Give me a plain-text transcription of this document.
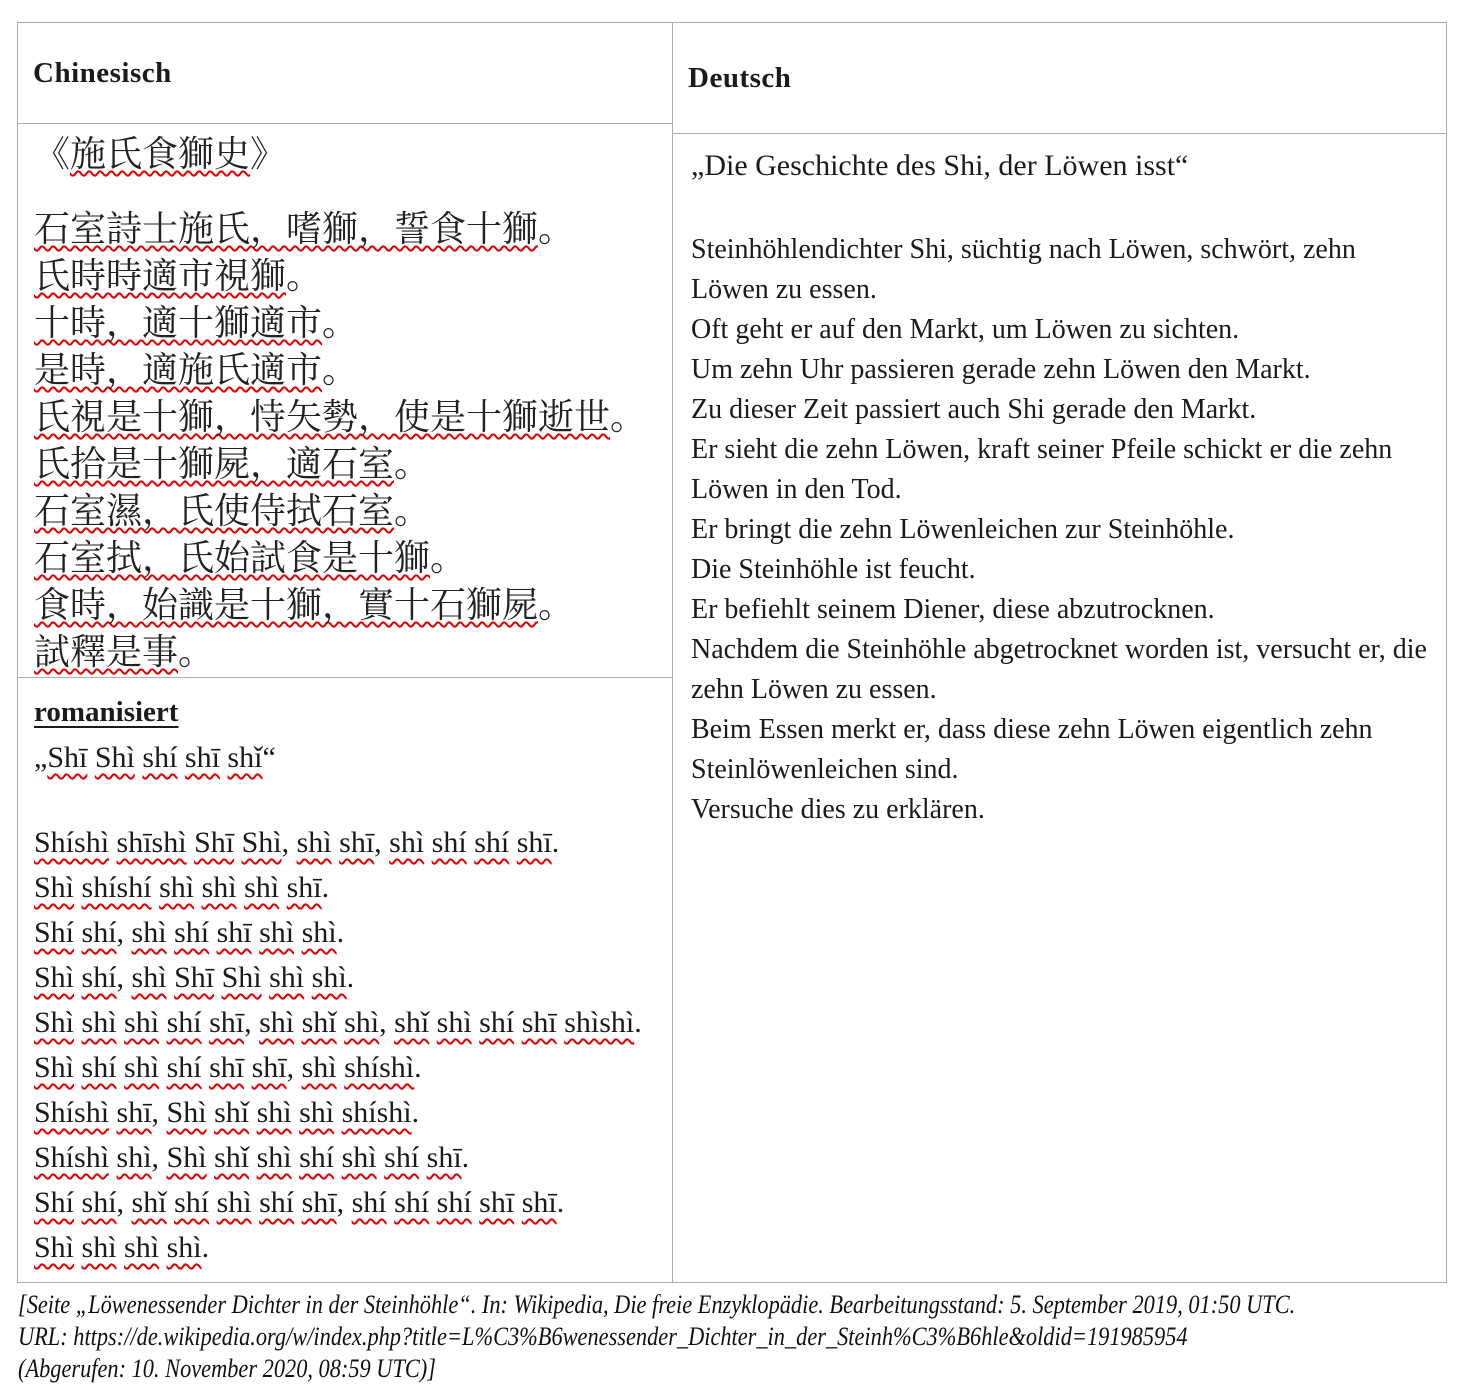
Chinesisch
《施氏食獅史》
石室詩士施氏，嗜獅，誓食十獅。
氏時時適市視獅。
十時，適十獅適市。
是時，適施氏適市。
氏視是十獅，恃矢勢，使是十獅逝世。
氏拾是十獅屍，適石室。
石室濕，氏使侍拭石室。
石室拭，氏始試食是十獅。
食時，始識是十獅，實十石獅屍。
試釋是事。
romanisiert
„Shī Shì shí shī shǐ“
Shíshì shīshì Shī Shì, shì shī, shì shí shí shī.
Shì shíshí shì shì shì shī.
Shí shí, shì shí shī shì shì.
Shì shí, shì Shī Shì shì shì.
Shì shì shì shí shī, shì shǐ shì, shǐ shì shí shī shìshì.
Shì shí shì shí shī shī, shì shíshì.
Shíshì shī, Shì shǐ shì shì shíshì.
Shíshì shì, Shì shǐ shì shí shì shí shī.
Shí shí, shǐ shí shì shí shī, shí shí shí shī shī.
Shì shì shì shì.
Deutsch
„Die Geschichte des Shi, der Löwen isst“
Steinhöhlendichter Shi, süchtig nach Löwen, schwört, zehn Löwen zu essen.
Oft geht er auf den Markt, um Löwen zu sichten.
Um zehn Uhr passieren gerade zehn Löwen den Markt.
Zu dieser Zeit passiert auch Shi gerade den Markt.
Er sieht die zehn Löwen, kraft seiner Pfeile schickt er die zehn Löwen in den Tod.
Er bringt die zehn Löwenleichen zur Steinhöhle.
Die Steinhöhle ist feucht.
Er befiehlt seinem Diener, diese abzutrocknen.
Nachdem die Steinhöhle abgetrocknet worden ist, versucht er, die zehn Löwen zu essen.
Beim Essen merkt er, dass diese zehn Löwen eigentlich zehn Steinlöwenleichen sind.
Versuche dies zu erklären.
[Seite „Löwenessender Dichter in der Steinhöhle“. In: Wikipedia, Die freie Enzyklopädie. Bearbeitungsstand: 5. September 2019, 01:50 UTC.
URL: https://de.wikipedia.org/w/index.php?title=L%C3%B6wenessender_Dichter_in_der_Steinh%C3%B6hle&oldid=191985954
(Abgerufen: 10. November 2020, 08:59 UTC)]
